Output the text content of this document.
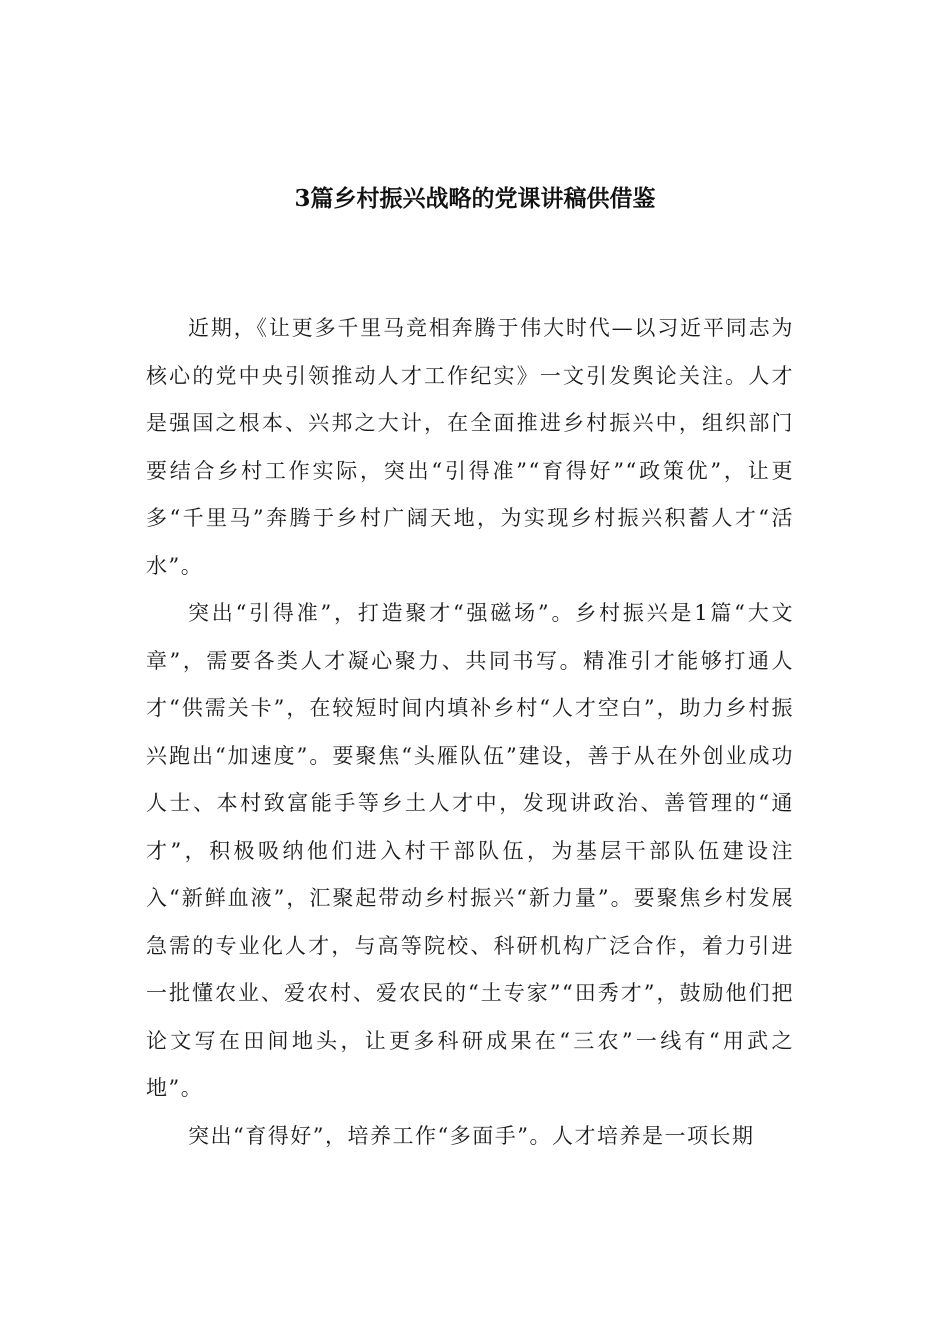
3篇乡村振兴战略的党课讲稿供借鉴

近期，《让更多千里马竞相奔腾于伟大时代—以习近平同志为核心的党中央引领推动人才工作纪实》一文引发舆论关注。人才是强国之根本、兴邦之大计，在全面推进乡村振兴中，组织部门要结合乡村工作实际，突出“引得准”“育得好”“政策优”，让更多“千里马”奔腾于乡村广阔天地，为实现乡村振兴积蓄人才“活水”。

突出“引得准”，打造聚才“强磁场”。乡村振兴是1篇“大文章”，需要各类人才凝心聚力、共同书写。精准引才能够打通人才“供需关卡”，在较短时间内填补乡村“人才空白”，助力乡村振兴跑出“加速度”。要聚焦“头雁队伍”建设，善于从在外创业成功人士、本村致富能手等乡土人才中，发现讲政治、善管理的“通才”，积极吸纳他们进入村干部队伍，为基层干部队伍建设注入“新鲜血液”，汇聚起带动乡村振兴“新力量”。要聚焦乡村发展急需的专业化人才，与高等院校、科研机构广泛合作，着力引进一批懂农业、爱农村、爱农民的“土专家”“田秀才”，鼓励他们把论文写在田间地头，让更多科研成果在“三农”一线有“用武之地”。

突出“育得好”，培养工作“多面手”。人才培养是一项长期
